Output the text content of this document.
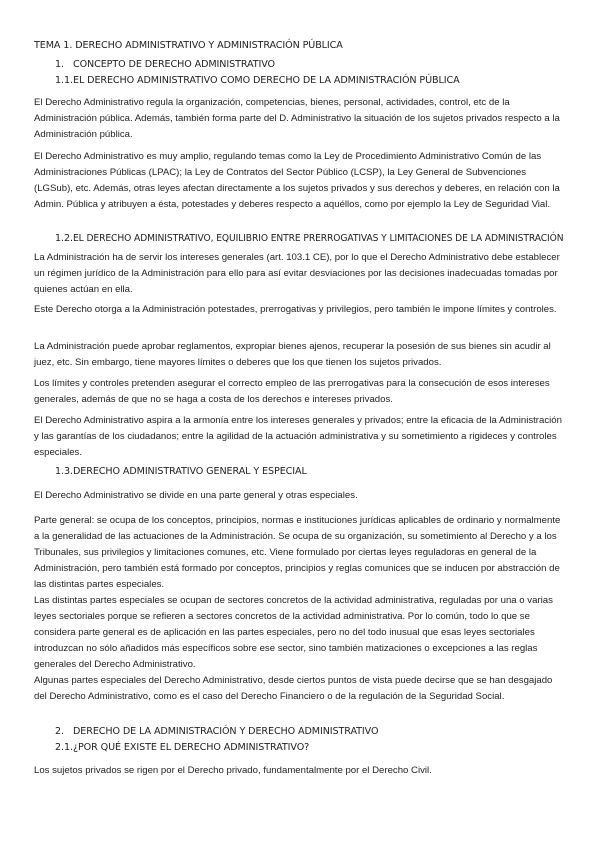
TEMA 1. DERECHO ADMINISTRATIVO Y ADMINISTRACIÓN PÚBLICA
1. CONCEPTO DE DERECHO ADMINISTRATIVO
1.1. EL DERECHO ADMINISTRATIVO COMO DERECHO DE LA ADMINISTRACIÓN PÚBLICA

El Derecho Administrativo regula la organización, competencias, bienes, personal, actividades, control, etc de la Administración pública. Además, también forma parte del D. Administrativo la situación de los sujetos privados respecto a la Administración pública.

El Derecho Administrativo es muy amplio, regulando temas como la Ley de Procedimiento Administrativo Común de las Administraciones Públicas (LPAC); la Ley de Contratos del Sector Público (LCSP), la Ley General de Subvenciones (LGSub), etc. Además, otras leyes afectan directamente a los sujetos privados y sus derechos y deberes, en relación con la Admin. Pública y atribuyen a ésta, potestades y deberes respecto a aquéllos, como por ejemplo la Ley de Seguridad Vial.

1.2. EL DERECHO ADMINISTRATIVO, EQUILIBRIO ENTRE PRERROGATIVAS Y LIMITACIONES DE LA ADMINISTRACIÓN

La Administración ha de servir los intereses generales (art. 103.1 CE), por lo que el Derecho Administrativo debe establecer un régimen jurídico de la Administración para ello para así evitar desviaciones por las decisiones inadecuadas tomadas por quienes actúan en ella.

Este Derecho otorga a la Administración potestades, prerrogativas y privilegios, pero también le impone límites y controles.

La Administración puede aprobar reglamentos, expropiar bienes ajenos, recuperar la posesión de sus bienes sin acudir al juez, etc. Sin embargo, tiene mayores límites o deberes que los que tienen los sujetos privados.

Los límites y controles pretenden asegurar el correcto empleo de las prerrogativas para la consecución de esos intereses generales, además de que no se haga a costa de los derechos e intereses privados.

El Derecho Administrativo aspira a la armonía entre los intereses generales y privados; entre la eficacia de la Administración y las garantías de los ciudadanos; entre la agilidad de la actuación administrativa y su sometimiento a rigideces y controles especiales.

1.3. DERECHO ADMINISTRATIVO GENERAL Y ESPECIAL

El Derecho Administrativo se divide en una parte general y otras especiales.

Parte general: se ocupa de los conceptos, principios, normas e instituciones jurídicas aplicables de ordinario y normalmente a la generalidad de las actuaciones de la Administración. Se ocupa de su organización, su sometimiento al Derecho y a los Tribunales, sus privilegios y limitaciones comunes, etc. Viene formulado por ciertas leyes reguladoras en general de la Administración, pero también está formado por conceptos, principios y reglas comunices que se inducen por abstracción de las distintas partes especiales.

Las distintas partes especiales se ocupan de sectores concretos de la actividad administrativa, reguladas por una o varias leyes sectoriales porque se refieren a sectores concretos de la actividad administrativa. Por lo común, todo lo que se considera parte general es de aplicación en las partes especiales, pero no del todo inusual que esas leyes sectoriales introduzcan no sólo añadidos más específicos sobre ese sector, sino también matizaciones o excepciones a las reglas generales del Derecho Administrativo.

Algunas partes especiales del Derecho Administrativo, desde ciertos puntos de vista puede decirse que se han desgajado del Derecho Administrativo, como es el caso del Derecho Financiero o de la regulación de la Seguridad Social.

2. DERECHO DE LA ADMINISTRACIÓN Y DERECHO ADMINISTRATIVO
2.1. ¿POR QUÉ EXISTE EL DERECHO ADMINISTRATIVO?

Los sujetos privados se rigen por el Derecho privado, fundamentalmente por el Derecho Civil.
